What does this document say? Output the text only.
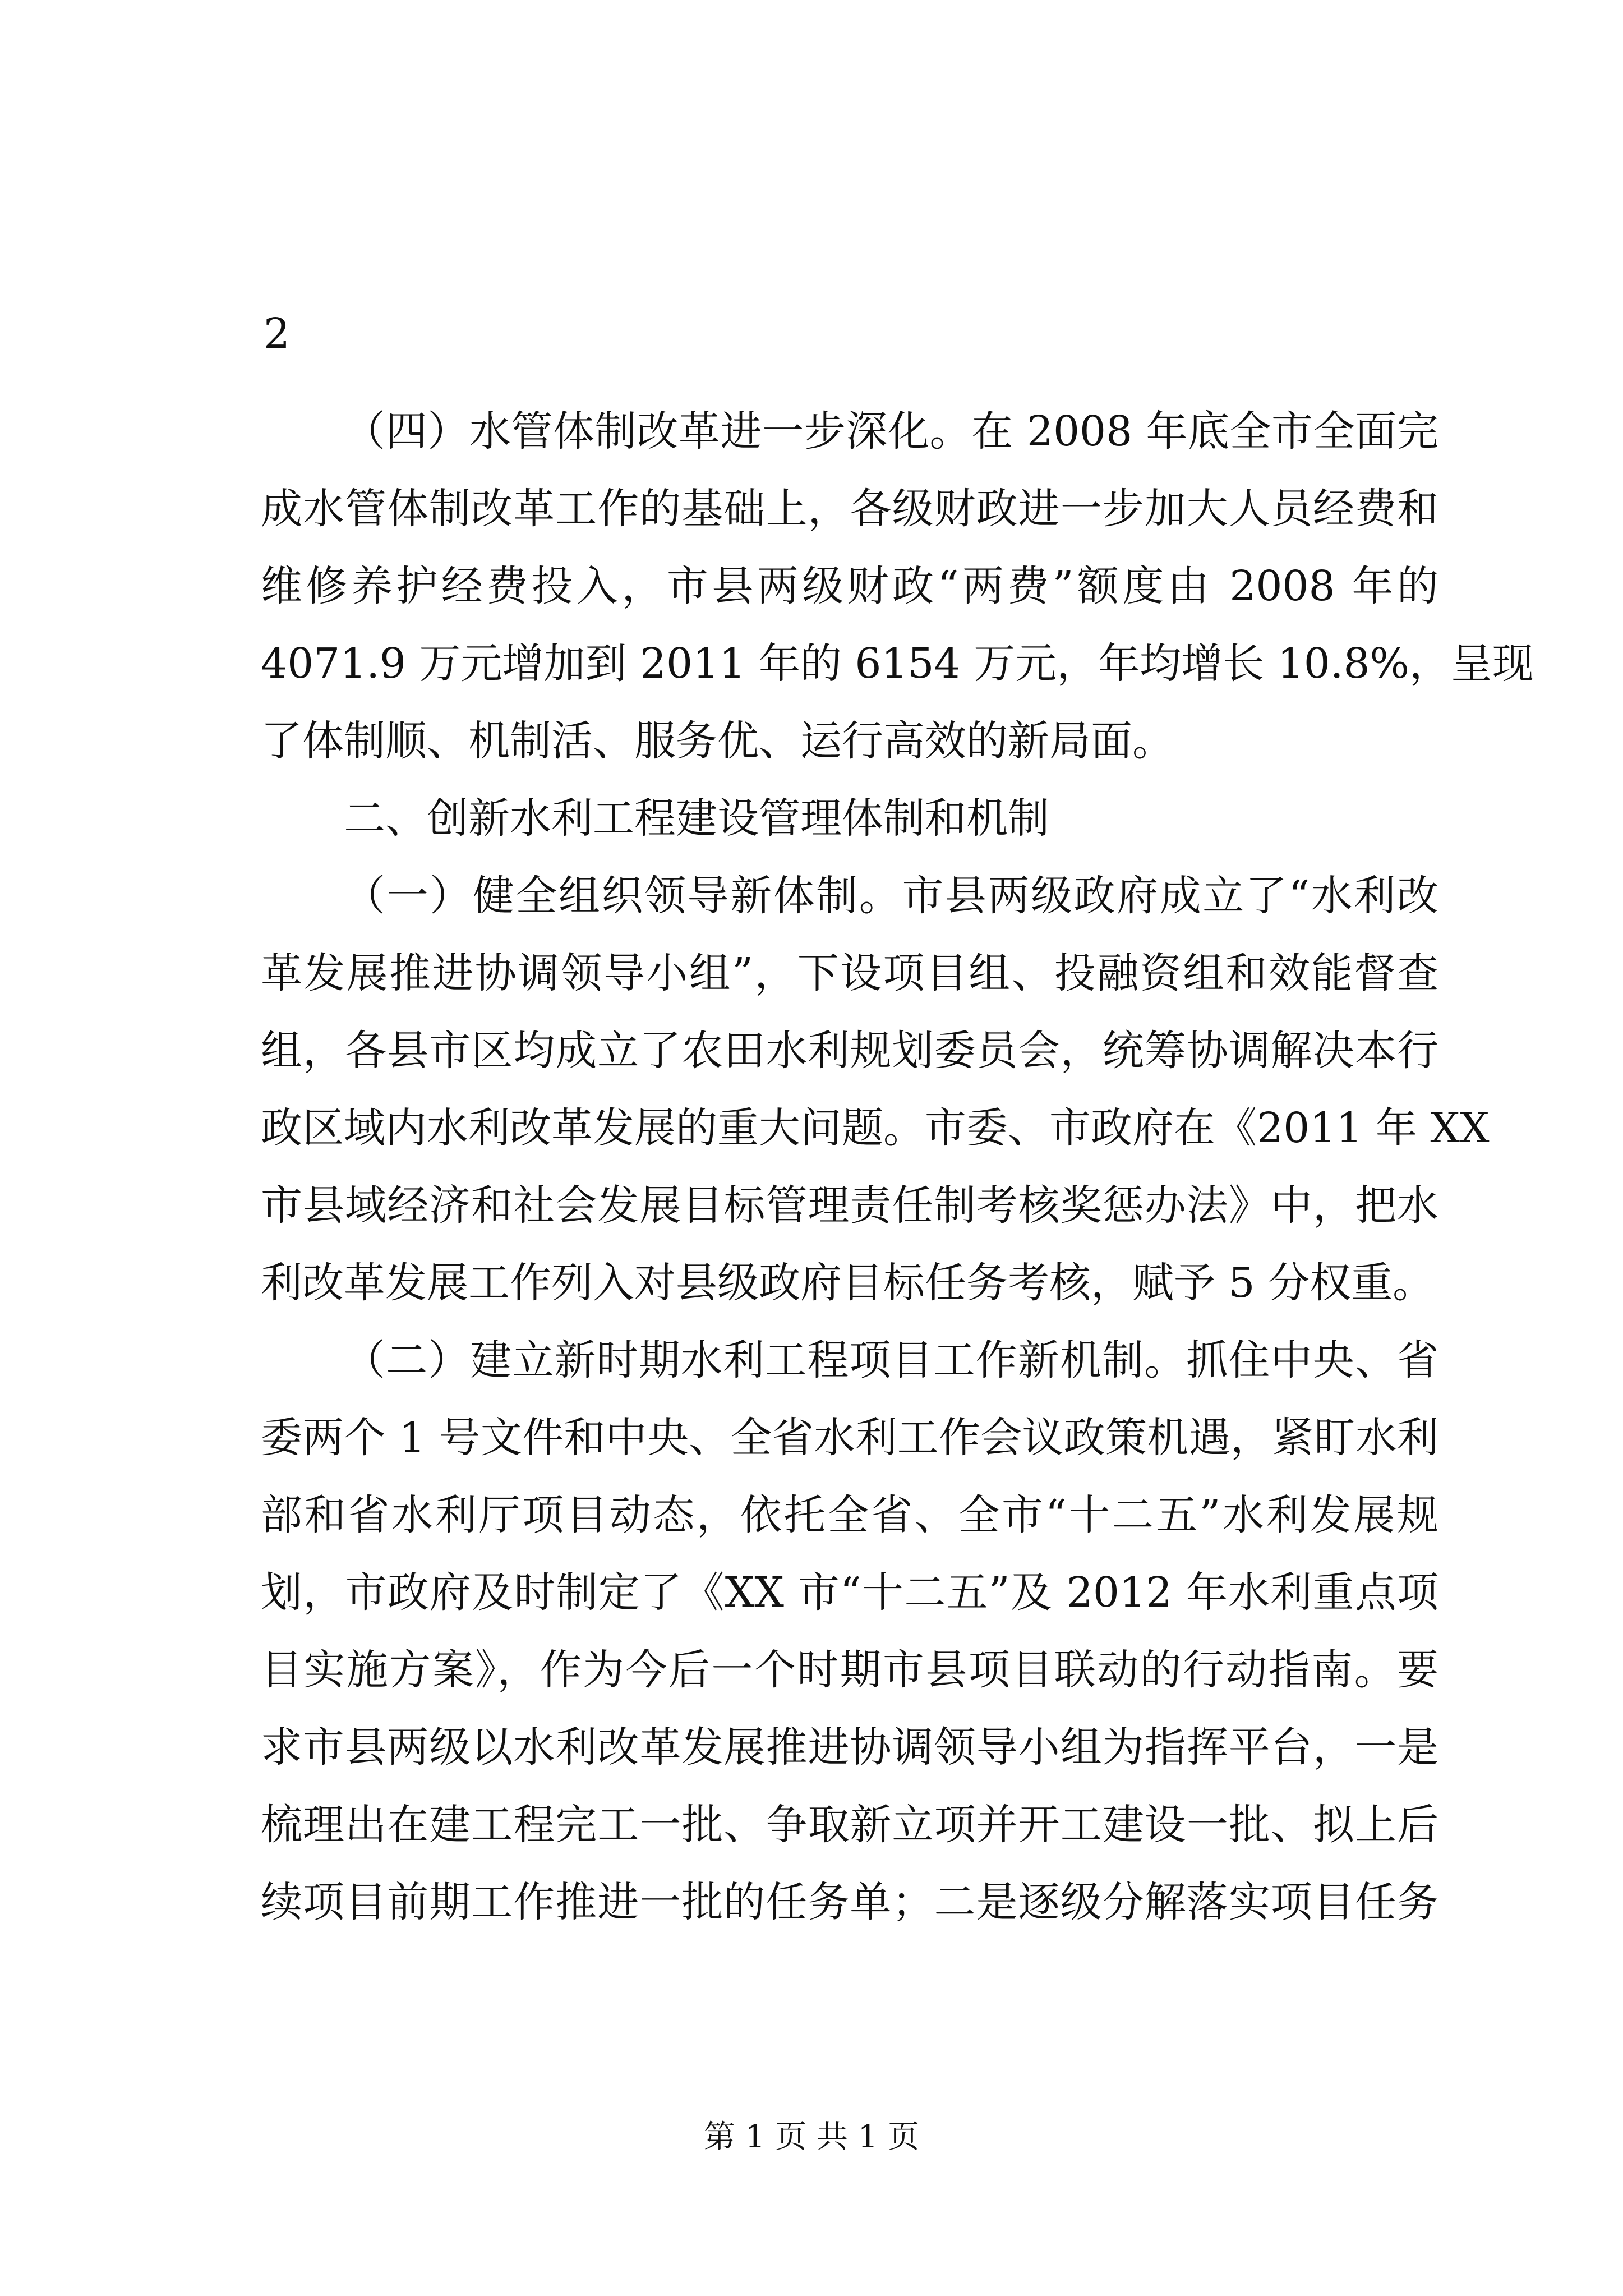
2

（四）水管体制改革进一步深化。在 2008 年底全市全面完

成水管体制改革工作的基础上，各级财政进一步加大人员经费和

维修养护经费投入，市县两级财政“两费”额度由 2008 年的

4071.9 万元增加到 2011 年的 6154 万元，年均增长 10.8%，呈现

了体制顺、机制活、服务优、运行高效的新局面。

二、创新水利工程建设管理体制和机制

（一）健全组织领导新体制。市县两级政府成立了“水利改

革发展推进协调领导小组”，下设项目组、投融资组和效能督查

组，各县市区均成立了农田水利规划委员会，统筹协调解决本行

政区域内水利改革发展的重大问题。市委、市政府在《2011 年 XX

市县域经济和社会发展目标管理责任制考核奖惩办法》中，把水

利改革发展工作列入对县级政府目标任务考核，赋予 5 分权重。

（二）建立新时期水利工程项目工作新机制。抓住中央、省

委两个 1 号文件和中央、全省水利工作会议政策机遇，紧盯水利

部和省水利厅项目动态，依托全省、全市“十二五”水利发展规

划，市政府及时制定了《XX 市“十二五”及 2012 年水利重点项

目实施方案》，作为今后一个时期市县项目联动的行动指南。要

求市县两级以水利改革发展推进协调领导小组为指挥平台，一是

梳理出在建工程完工一批、争取新立项并开工建设一批、拟上后

续项目前期工作推进一批的任务单；二是逐级分解落实项目任务

第 1 页 共 1 页
